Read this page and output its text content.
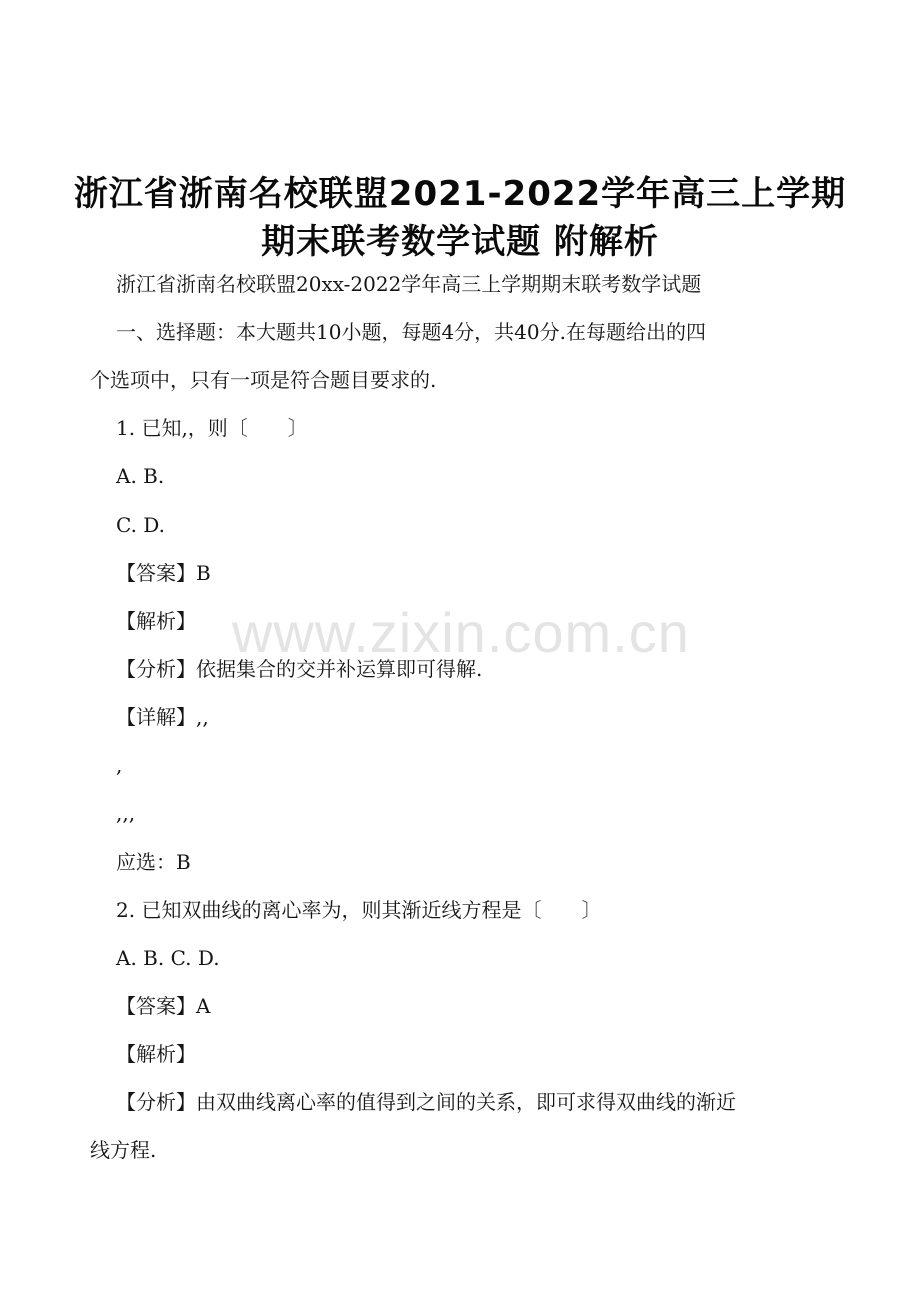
浙江省浙南名校联盟2021-2022学年高三上学期
期末联考数学试题 附解析
浙江省浙南名校联盟20xx-2022学年高三上学期期末联考数学试题
一、选择题：本大题共10小题，每题4分，共40分.在每题给出的四
个选项中，只有一项是符合题目要求的.
1. 已知,，则〔　　〕
A. B.
C. D.
【答案】B
【解析】
【分析】依据集合的交并补运算即可得解.
【详解】,,
,
,,,
应选：B
2. 已知双曲线的离心率为，则其渐近线方程是〔　　〕
A. B. C. D.
【答案】A
【解析】
【分析】由双曲线离心率的值得到之间的关系，即可求得双曲线的渐近
线方程.
www.zixin.com.cn
